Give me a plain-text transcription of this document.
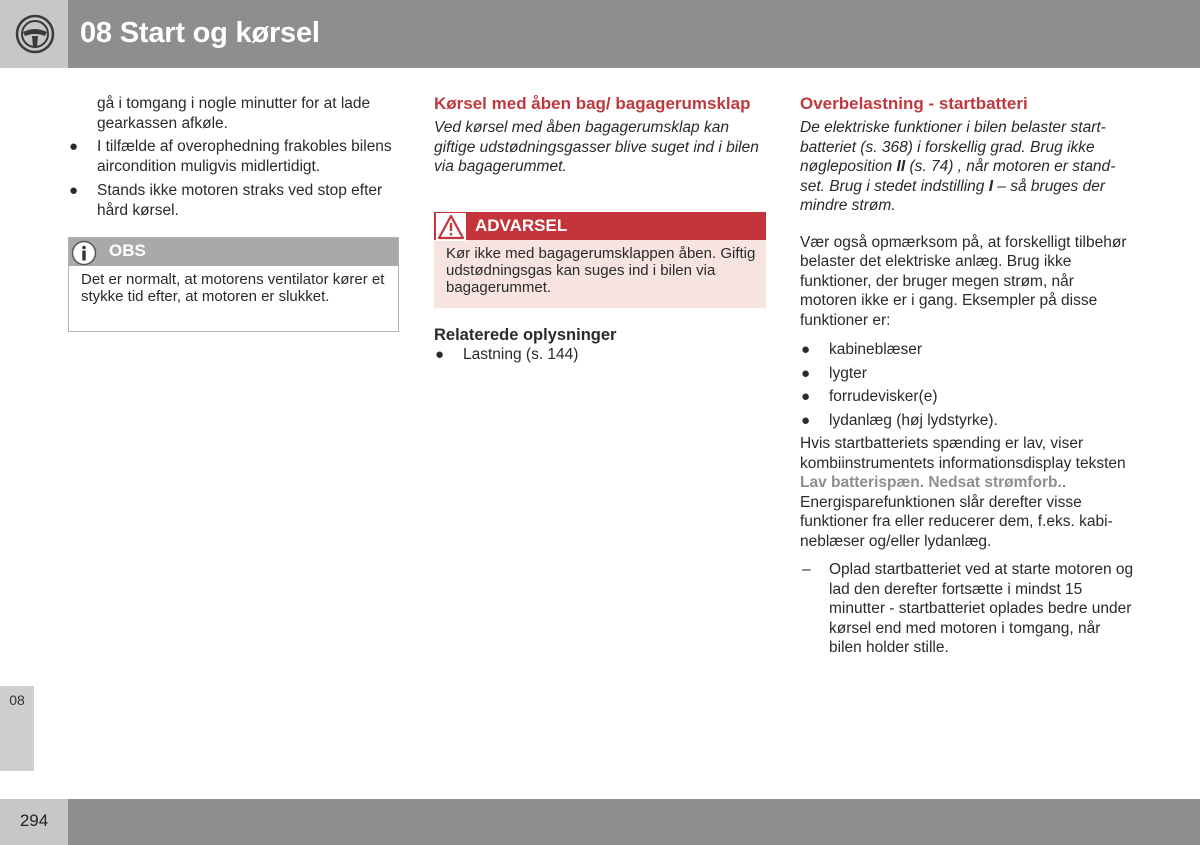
08 Start og kørsel

gå i tomgang i nogle minutter for at lade gearkassen afkøle.

● I tilfælde af overophedning frakobles bilens aircondition muligvis midlertidigt.
● Stands ikke motoren straks ved stop efter hård kørsel.
OBS
Det er normalt, at motorens ventilator kører et stykke tid efter, at motoren er slukket.

Kørsel med åben bag/ bagagerumsklap

Ved kørsel med åben bagagerumsklap kan giftige udstødningsgasser blive suget ind i bilen via bagagerummet.

ADVARSEL
Kør ikke med bagagerumsklappen åben. Giftig udstødningsgas kan suges ind i bilen via bagagerummet.

Relaterede oplysninger

● Lastning (s. 144)

Overbelastning - startbatteri

De elektriske funktioner i bilen belaster startbatteriet (s. 368) i forskellig grad. Brug ikke nøgleposition II (s. 74) , når motoren er standset. Brug i stedet indstilling I – så bruges der mindre strøm.

Vær også opmærksom på, at forskelligt tilbehør belaster det elektriske anlæg. Brug ikke funktioner, der bruger megen strøm, når motoren ikke er i gang. Eksempler på disse funktioner er:

● kabineblæser
● lygter
● forrudevisker(e)
● lydanlæg (høj lydstyrke).

Hvis startbatteriets spænding er lav, viser kombiinstrumentets informationsdisplay teksten Lav batterispæn. Nedsat strømforb.. Energisparefunktionen slår derefter visse funktioner fra eller reducerer dem, f.eks. kabineblæser og/eller lydanlæg.

– Oplad startbatteriet ved at starte motoren og lad den derefter fortsætte i mindst 15 minutter - startbatteriet oplades bedre under kørsel end med motoren i tomgang, når bilen holder stille.
08
294
